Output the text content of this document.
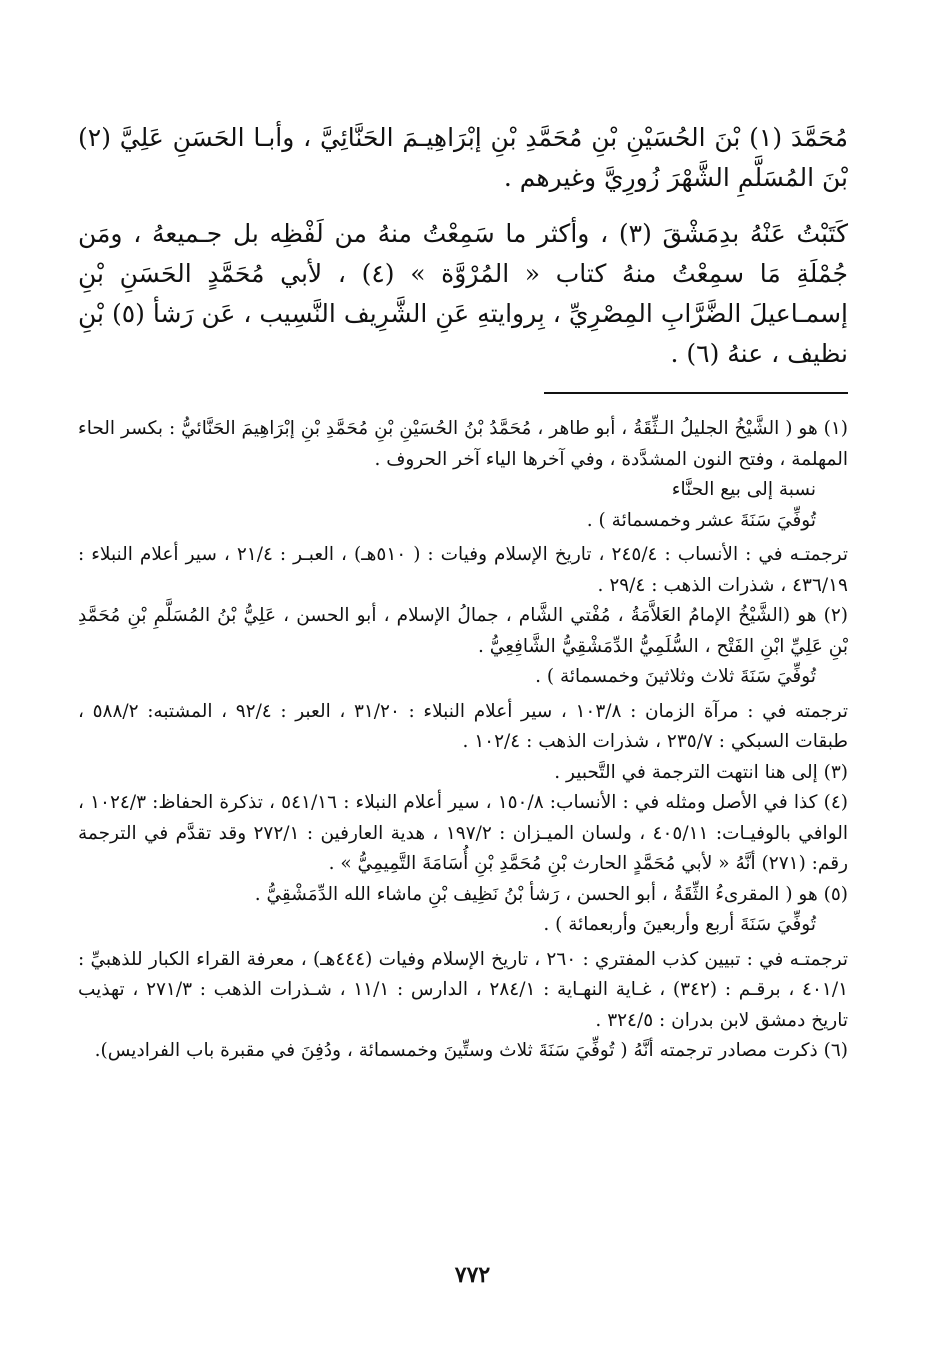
مُحَمَّدَ (١) بْنَ الحُسَيْنِ بْنِ مُحَمَّدِ بْنِ إبْرَاهِيـمَ الحَنَّائِيَّ ، وأبـا الحَسَنِ عَلِيَّ (٢) بْنَ المُسَلَّمِ الشَّهْرَ زُورِيَّ وغيرهم .

كَتَبْتُ عَنْهُ بدِمَشْقَ (٣) ، وأكثر ما سَمِعْتُ منهُ من لَفْظِه بل جـميعهُ ، ومَن جُمْلَةِ مَا سمِعْتُ منهُ كتاب « المُرْوَّة » (٤) ، لأبي مُحَمَّدٍ الحَسَنِ بْنِ إسمـاعيلَ الضَّرَّابِ المِصْرِيِّ ، بِروايتهِ عَنِ الشَّرِيف النَّسِيب ، عَن رَشأ (٥) بْنِ نظيف ، عنهُ (٦) .

(١) هو ( الشَّيْخُ الجليلُ الـثِّقَةُ ، أبو طاهر ، مُحَمَّدُ بْنُ الحُسَيْنِ بْنِ مُحَمَّدِ بْنِ إبْرَاهِيمَ الحَنَّائيُّ : بكسر الحاء المهلمة ، وفتح النون المشدَّدة ، وفي آخرها الياء آخر الحروف .

نسبة إلى بيع الحنَّاء

تُوفِّيَ سَنَةَ عشر وخمسمائة ) .

ترجمتـه في : الأنساب : ٢٤٥/٤ ، تاريخ الإسلام وفيات : ( ٥١٠هـ) ، العبـر : ٢١/٤ ، سير أعلام النبلاء : ٤٣٦/١٩ ، شذرات الذهب : ٢٩/٤ .

(٢) هو (الشَّيْخُ الإمامُ العَلاَّمَةُ ، مُفْتي الشَّام ، جمالُ الإسلام ، أبو الحسن ، عَلِيُّ بْنُ المُسَلَّمِ بْنِ مُحَمَّدِ بْنِ عَلِيِّ ابْنِ الفَتْح ، السُّلَمِيُّ الدِّمَشْقِيُّ الشَّافِعِيُّ .

تُوفِّيَ سَنَةَ ثلاث وثلاثينَ وخمسمائة ) .

ترجمته في : مرآة الزمان : ١٠٣/٨ ، سير أعلام النبلاء : ٣١/٢٠ ، العبر : ٩٢/٤ ، المشتبه: ٥٨٨/٢ ، طبقات السبكي : ٢٣٥/٧ ، شذرات الذهب : ١٠٢/٤ .

(٣) إلى هنا انتهت الترجمة في التَّحبير .

(٤) كذا في الأصل ومثله في : الأنساب: ١٥٠/٨ ، سير أعلام النبلاء : ٥٤١/١٦ ، تذكرة الحفاظ: ١٠٢٤/٣ ، الوافي بالوفيـات: ٤٠٥/١١ ، ولسان الميـزان : ١٩٧/٢ ، هدية العارفين : ٢٧٢/١ وقد تقدَّم في الترجمة رقم: (٢٧١) أنَّهُ « لأبي مُحَمَّدٍ الحارث بْنِ مُحَمَّدِ بْنِ أُسَامَةَ التَّمِيمِيُّ » .

(٥) هو ( المقرىءُ الثِّقَةُ ، أبو الحسن ، رَشأ بْنُ نَظِيف بْنِ ماشاء الله الدِّمَشْقِيُّ .

تُوفِّيَ سَنَةَ أربع وأربعينَ وأربعمائة ) .

ترجمتـه في : تبيين كذب المفتري : ٢٦٠ ، تاريخ الإسلام وفيات (٤٤٤هـ) ، معرفة القراء الكبار للذهبيِّ : ٤٠١/١ ، برقـم : (٣٤٢) ، غـاية النهـاية : ٢٨٤/١ ، الدارس : ١١/١ ، شـذرات الذهب : ٢٧١/٣ ، تهذيب تاريخ دمشق لابن بدران : ٣٢٤/٥ .

(٦) ذكرت مصادر ترجمته أنَّهُ ( تُوفِّيَ سَنَةَ ثلاث وستِّينَ وخمسمائة ، ودُفِنَ في مقبرة باب الفراديس).

٧٧٢
